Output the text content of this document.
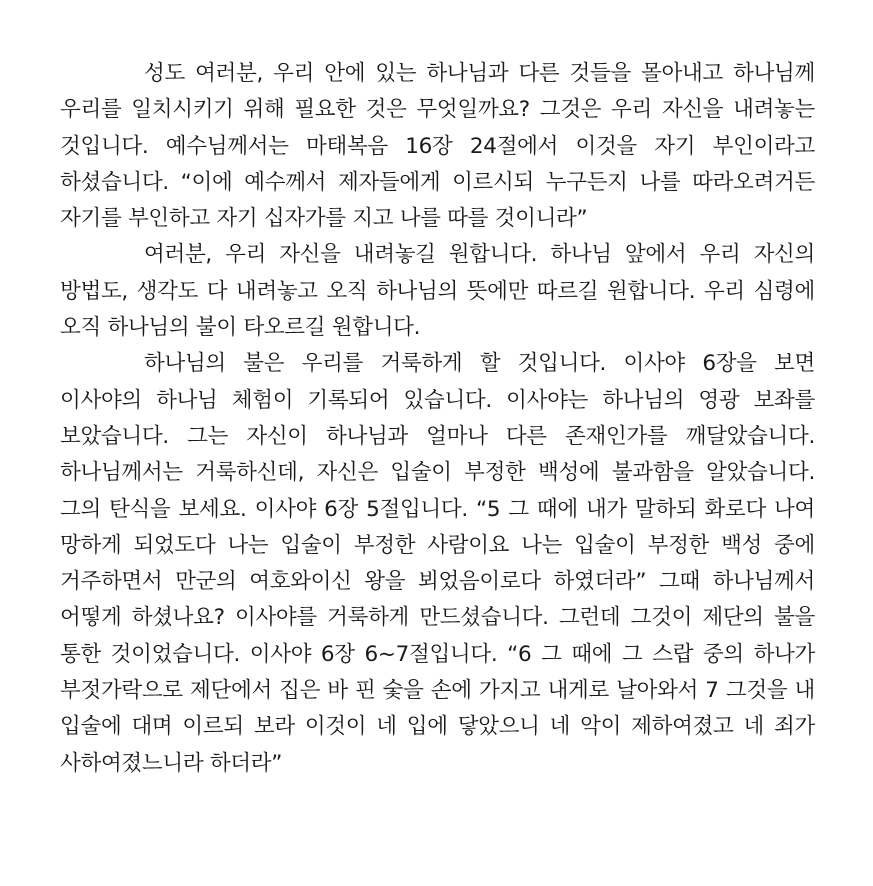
성도 여러분, 우리 안에 있는 하나님과 다른 것들을 몰아내고 하나님께 우리를 일치시키기 위해 필요한 것은 무엇일까요? 그것은 우리 자신을 내려놓는 것입니다. 예수님께서는 마태복음 16장 24절에서 이것을 자기 부인이라고 하셨습니다. “이에 예수께서 제자들에게 이르시되 누구든지 나를 따라오려거든 자기를 부인하고 자기 십자가를 지고 나를 따를 것이니라”

여러분, 우리 자신을 내려놓길 원합니다. 하나님 앞에서 우리 자신의 방법도, 생각도 다 내려놓고 오직 하나님의 뜻에만 따르길 원합니다. 우리 심령에 오직 하나님의 불이 타오르길 원합니다.

하나님의 불은 우리를 거룩하게 할 것입니다. 이사야 6장을 보면 이사야의 하나님 체험이 기록되어 있습니다. 이사야는 하나님의 영광 보좌를 보았습니다. 그는 자신이 하나님과 얼마나 다른 존재인가를 깨달았습니다. 하나님께서는 거룩하신데, 자신은 입술이 부정한 백성에 불과함을 알았습니다. 그의 탄식을 보세요. 이사야 6장 5절입니다. “5 그 때에 내가 말하되 화로다 나여 망하게 되었도다 나는 입술이 부정한 사람이요 나는 입술이 부정한 백성 중에 거주하면서 만군의 여호와이신 왕을 뵈었음이로다 하였더라” 그때 하나님께서 어떻게 하셨나요? 이사야를 거룩하게 만드셨습니다. 그런데 그것이 제단의 불을 통한 것이었습니다. 이사야 6장 6~7절입니다. “6 그 때에 그 스랍 중의 하나가 부젓가락으로 제단에서 집은 바 핀 숯을 손에 가지고 내게로 날아와서 7 그것을 내 입술에 대며 이르되 보라 이것이 네 입에 닿았으니 네 악이 제하여졌고 네 죄가 사하여졌느니라 하더라”
